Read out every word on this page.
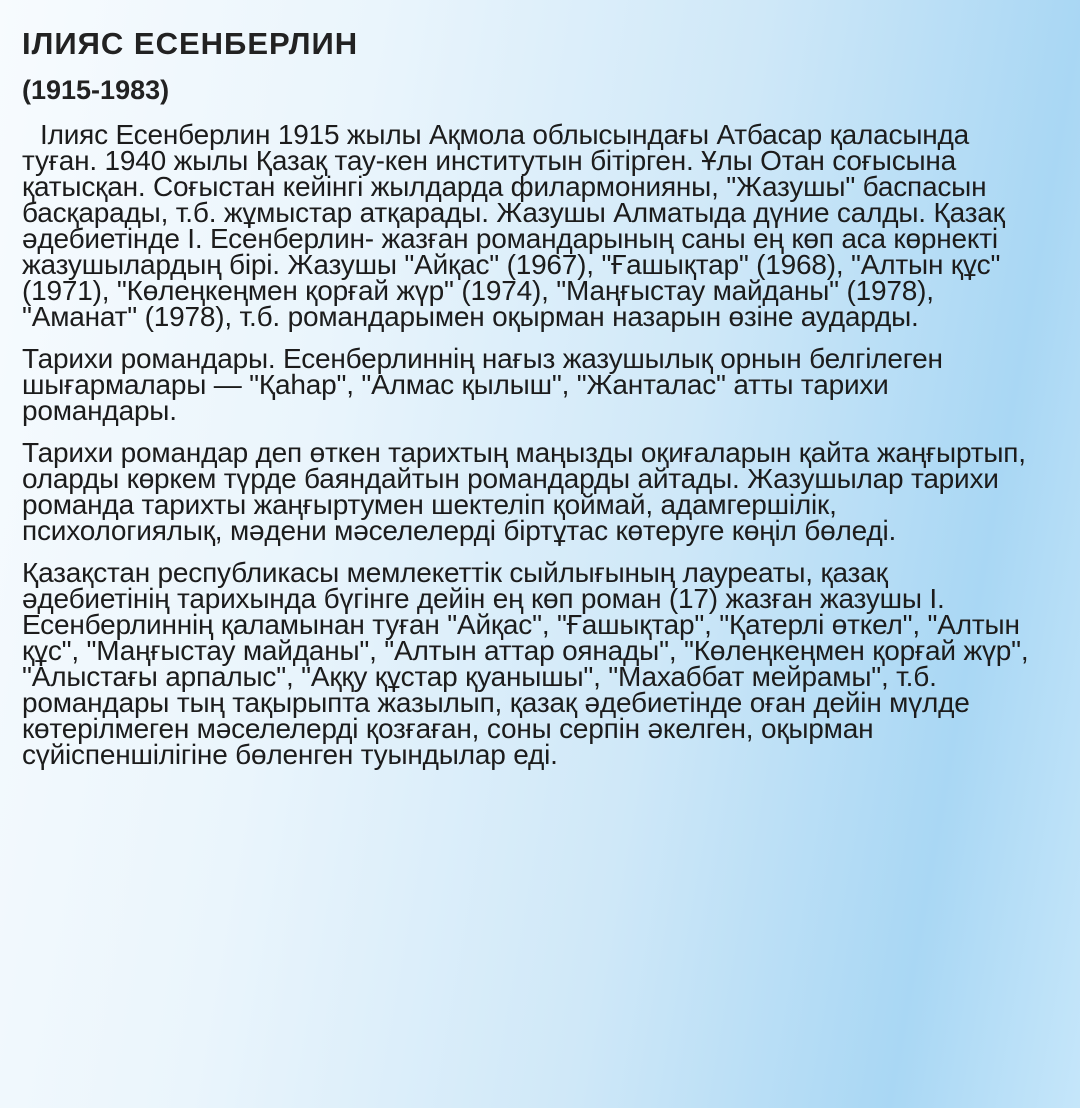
ІЛИЯС ЕСЕНБЕРЛИН
(1915-1983)

Ілияс Есенберлин 1915 жылы Ақмола облысындағы Атбасар қаласында туған. 1940 жылы Қазақ тау-кен институтын бітірген. Ұлы Отан соғысына қатысқан. Соғыстан кейінгі жылдарда филармонияны, "Жазушы" баспасын басқарады, т.б. жұмыстар атқарады. Жазушы Алматыда дүние салды. Қазақ әдебиетінде І. Есенберлин- жазған романдарының саны ең көп аса көрнекті жазушылардың бірі. Жазушы "Айқас" (1967), "Ғашықтар" (1968), "Алтын құс" (1971), "Көлеңкеңмен қорғай жүр" (1974), "Маңғыстау майданы" (1978), "Аманат" (1978), т.б. романдарымен оқырман назарын өзіне аударды.

Тарихи романдары. Есенберлиннің нағыз жазушылық орнын белгілеген шығармалары — "Қаһар", "Алмас қылыш", "Жанталас" атты тарихи романдары.

Тарихи романдар деп өткен тарихтың маңызды оқиғаларын қайта жаңғыртып, оларды көркем түрде баяндайтын романдарды айтады. Жазушылар тарихи романда тарихты жаңғыртумен шектеліп қоймай, адамгершілік, психологиялық, мәдени мәселелерді біртұтас көтеруге көңіл бөледі.

Қазақстан республикасы мемлекеттік сыйлығының лауреаты, қазақ әдебиетінің тарихында бүгінге дейін ең көп роман (17) жазған жазушы І. Есенберлиннің қаламынан туған "Айқас", "Ғашықтар", "Қатерлі өткел", "Алтын құс", "Маңғыстау майданы", "Алтын аттар оянады", "Көлеңкеңмен қорғай жүр", "Алыстағы арпалыс", "Аққу құстар қуанышы", "Махаббат мейрамы", т.б. романдары тың тақырыпта жазылып, қазақ әдебиетінде оған дейін мүлде көтерілмеген мәселелерді қозғаған, соны серпін әкелген, оқырман сүйіспеншілігіне бөленген туындылар еді.
